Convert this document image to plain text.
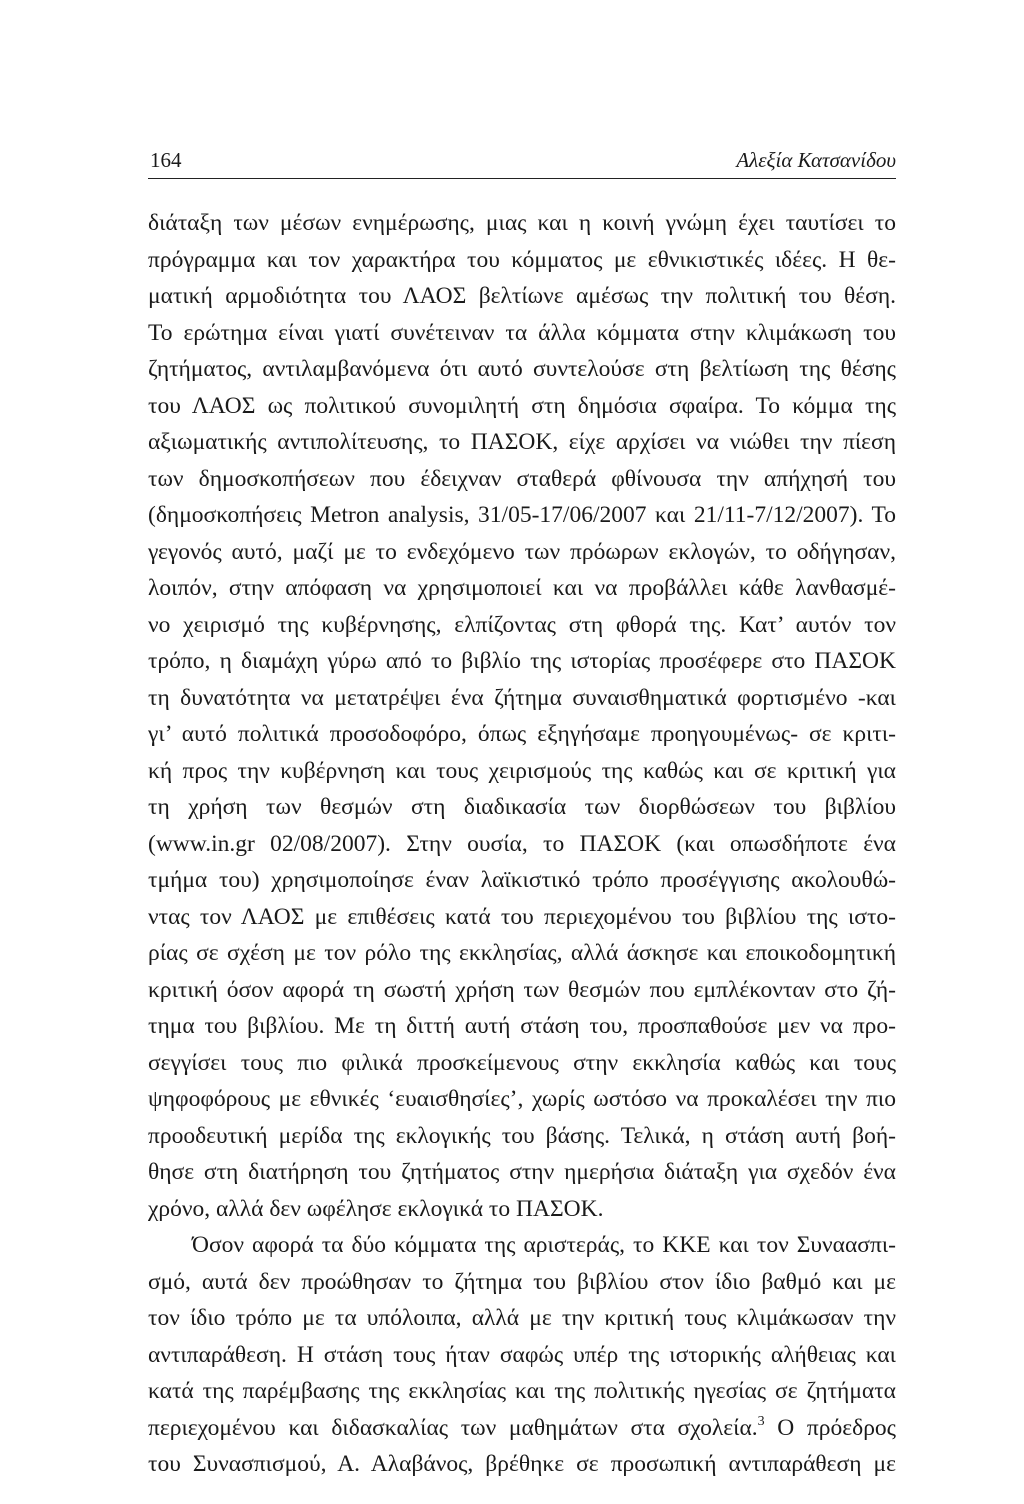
164	Αλεξία Κατσανίδου
διάταξη των μέσων ενημέρωσης, μιας και η κοινή γνώμη έχει ταυτίσει το
πρόγραμμα και τον χαρακτήρα του κόμματος με εθνικιστικές ιδέες. Η θε-
ματική αρμοδιότητα του ΛΑΟΣ βελτίωνε αμέσως την πολιτική του θέση.
Το ερώτημα είναι γιατί συνέτειναν τα άλλα κόμματα στην κλιμάκωση του
ζητήματος, αντιλαμβανόμενα ότι αυτό συντελούσε στη βελτίωση της θέσης
του ΛΑΟΣ ως πολιτικού συνομιλητή στη δημόσια σφαίρα. Το κόμμα της
αξιωματικής αντιπολίτευσης, το ΠΑΣΟΚ, είχε αρχίσει να νιώθει την πίεση
των δημοσκοπήσεων που έδειχναν σταθερά φθίνουσα την απήχησή του
(δημοσκοπήσεις Metron analysis, 31/05-17/06/2007 και 21/11-7/12/2007). Το
γεγονός αυτό, μαζί με το ενδεχόμενο των πρόωρων εκλογών, το οδήγησαν,
λοιπόν, στην απόφαση να χρησιμοποιεί και να προβάλλει κάθε λανθασμέ-
νο χειρισμό της κυβέρνησης, ελπίζοντας στη φθορά της. Κατ’ αυτόν τον
τρόπο, η διαμάχη γύρω από το βιβλίο της ιστορίας προσέφερε στο ΠΑΣΟΚ
τη δυνατότητα να μετατρέψει ένα ζήτημα συναισθηματικά φορτισμένο -και
γι’ αυτό πολιτικά προσοδοφόρο, όπως εξηγήσαμε προηγουμένως- σε κριτι-
κή προς την κυβέρνηση και τους χειρισμούς της καθώς και σε κριτική για
τη χρήση των θεσμών στη διαδικασία των διορθώσεων του βιβλίου
(www.in.gr 02/08/2007). Στην ουσία, το ΠΑΣΟΚ (και οπωσδήποτε ένα
τμήμα του) χρησιμοποίησε έναν λαϊκιστικό τρόπο προσέγγισης ακολουθώ-
ντας τον ΛΑΟΣ με επιθέσεις κατά του περιεχομένου του βιβλίου της ιστο-
ρίας σε σχέση με τον ρόλο της εκκλησίας, αλλά άσκησε και εποικοδομητική
κριτική όσον αφορά τη σωστή χρήση των θεσμών που εμπλέκονταν στο ζή-
τημα του βιβλίου. Με τη διττή αυτή στάση του, προσπαθούσε μεν να προ-
σεγγίσει τους πιο φιλικά προσκείμενους στην εκκλησία καθώς και τους
ψηφοφόρους με εθνικές ‘ευαισθησίες’, χωρίς ωστόσο να προκαλέσει την πιο
προοδευτική μερίδα της εκλογικής του βάσης. Τελικά, η στάση αυτή βοή-
θησε στη διατήρηση του ζητήματος στην ημερήσια διάταξη για σχεδόν ένα
χρόνο, αλλά δεν ωφέλησε εκλογικά το ΠΑΣΟΚ.
Όσον αφορά τα δύο κόμματα της αριστεράς, το ΚΚΕ και τον Συναασπι-
σμό, αυτά δεν προώθησαν το ζήτημα του βιβλίου στον ίδιο βαθμό και με
τον ίδιο τρόπο με τα υπόλοιπα, αλλά με την κριτική τους κλιμάκωσαν την
αντιπαράθεση. Η στάση τους ήταν σαφώς υπέρ της ιστορικής αλήθειας και
κατά της παρέμβασης της εκκλησίας και της πολιτικής ηγεσίας σε ζητήματα
περιεχομένου και διδασκαλίας των μαθημάτων στα σχολεία.$^3$ Ο πρόεδρος
του Συνασπισμού, Α. Αλαβάνος, βρέθηκε σε προσωπική αντιπαράθεση με
